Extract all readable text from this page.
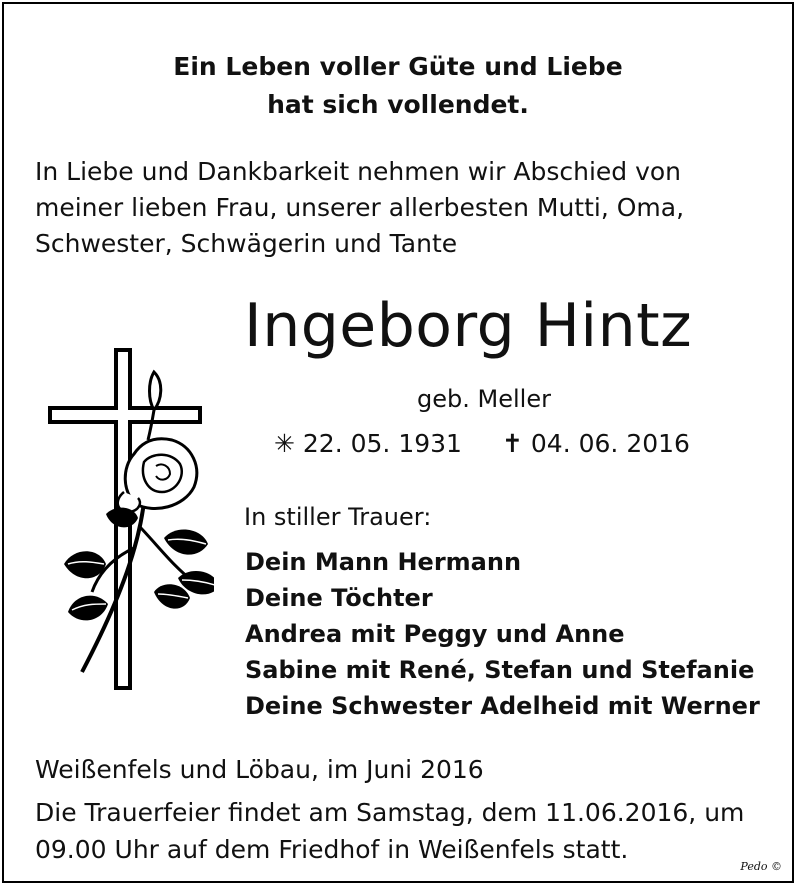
Ein Leben voller Güte und Liebe
hat sich vollendet.
In Liebe und Dankbarkeit nehmen wir Abschied von
meiner lieben Frau, unserer allerbesten Mutti, Oma,
Schwester, Schwägerin und Tante
Ingeborg Hintz
geb. Meller
✳ 22. 05. 1931 ✝ 04. 06. 2016
In stiller Trauer:
Dein Mann Hermann
Deine Töchter
Andrea mit Peggy und Anne
Sabine mit René, Stefan und Stefanie
Deine Schwester Adelheid mit Werner
Weißenfels und Löbau, im Juni 2016
Die Trauerfeier findet am Samstag, dem 11.06.2016, um
09.00 Uhr auf dem Friedhof in Weißenfels statt.
Pedo ©
